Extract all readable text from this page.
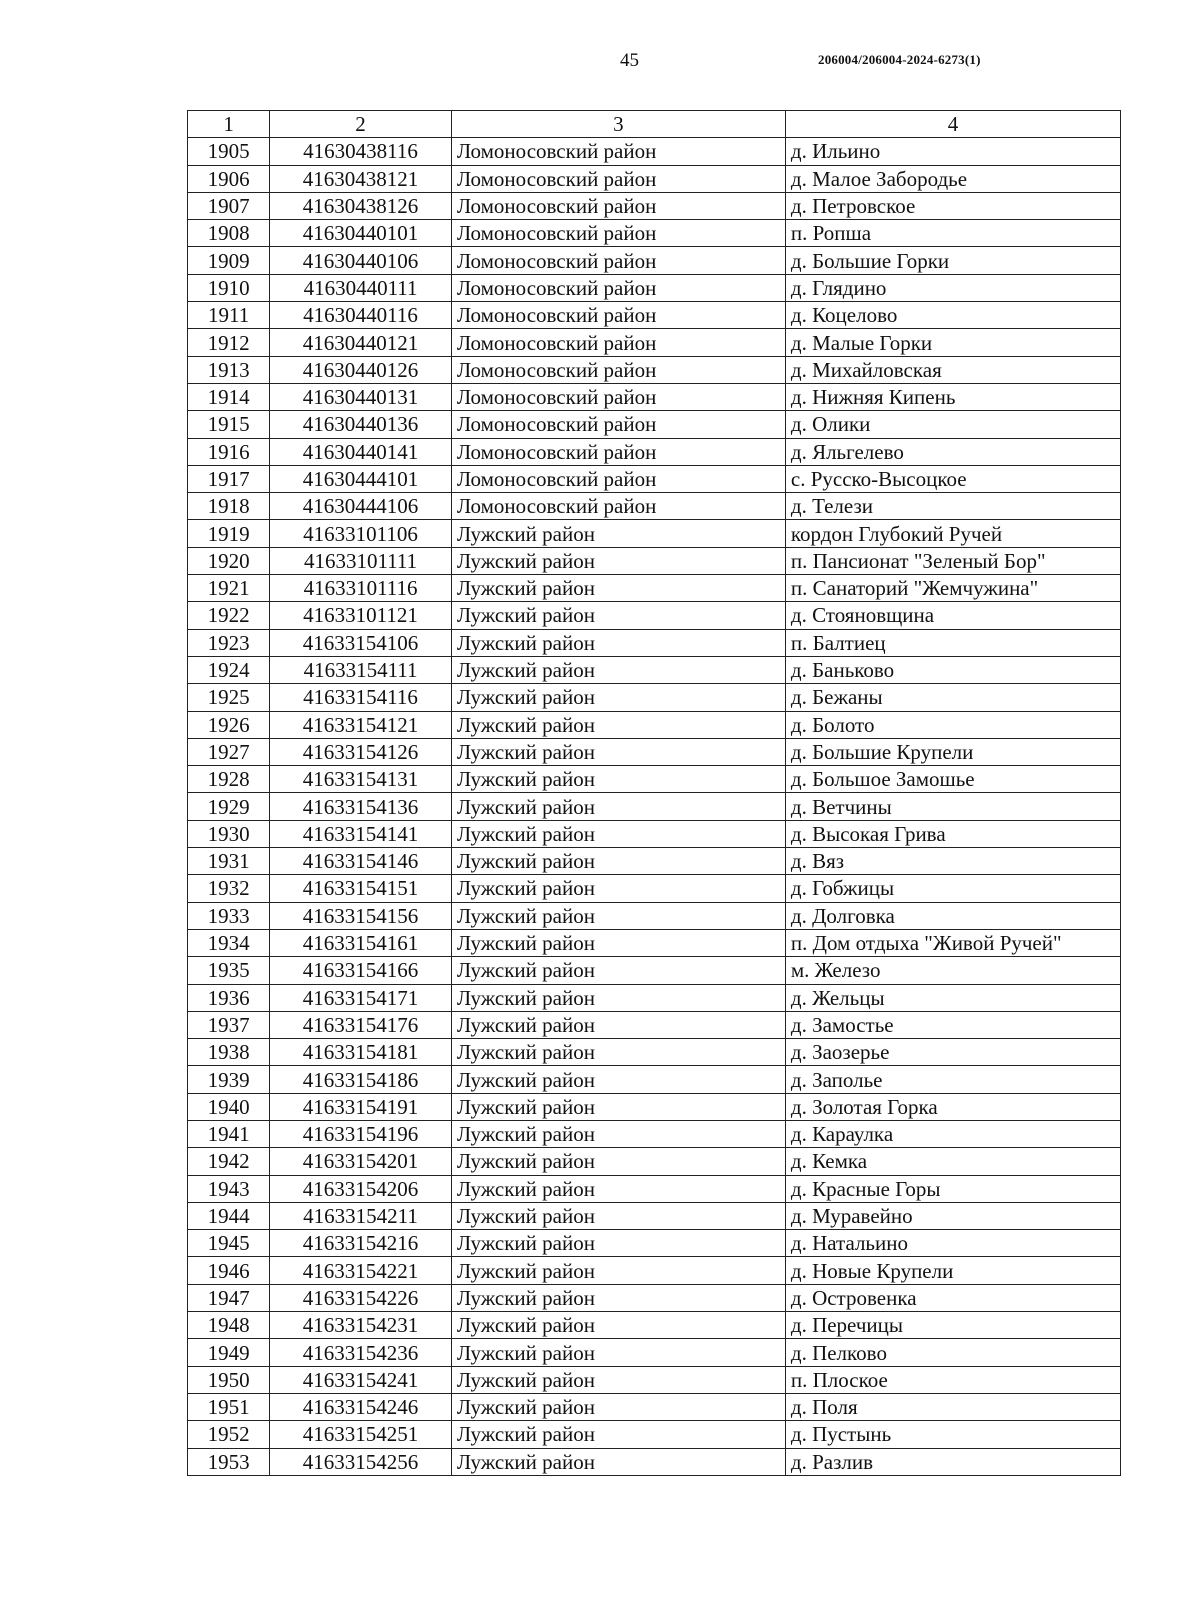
45	206004/206004-2024-6273(1)
1	2	3	4
1905	41630438116	Ломоносовский район	д. Ильино
1906	41630438121	Ломоносовский район	д. Малое Забородье
1907	41630438126	Ломоносовский район	д. Петровское
1908	41630440101	Ломоносовский район	п. Ропша
1909	41630440106	Ломоносовский район	д. Большие Горки
1910	41630440111	Ломоносовский район	д. Глядино
1911	41630440116	Ломоносовский район	д. Коцелово
1912	41630440121	Ломоносовский район	д. Малые Горки
1913	41630440126	Ломоносовский район	д. Михайловская
1914	41630440131	Ломоносовский район	д. Нижняя Кипень
1915	41630440136	Ломоносовский район	д. Олики
1916	41630440141	Ломоносовский район	д. Яльгелево
1917	41630444101	Ломоносовский район	с. Русско-Высоцкое
1918	41630444106	Ломоносовский район	д. Телези
1919	41633101106	Лужский район	кордон Глубокий Ручей
1920	41633101111	Лужский район	п. Пансионат "Зеленый Бор"
1921	41633101116	Лужский район	п. Санаторий "Жемчужина"
1922	41633101121	Лужский район	д. Стояновщина
1923	41633154106	Лужский район	п. Балтиец
1924	41633154111	Лужский район	д. Баньково
1925	41633154116	Лужский район	д. Бежаны
1926	41633154121	Лужский район	д. Болото
1927	41633154126	Лужский район	д. Большие Крупели
1928	41633154131	Лужский район	д. Большое Замошье
1929	41633154136	Лужский район	д. Ветчины
1930	41633154141	Лужский район	д. Высокая Грива
1931	41633154146	Лужский район	д. Вяз
1932	41633154151	Лужский район	д. Гобжицы
1933	41633154156	Лужский район	д. Долговка
1934	41633154161	Лужский район	п. Дом отдыха "Живой Ручей"
1935	41633154166	Лужский район	м. Железо
1936	41633154171	Лужский район	д. Жельцы
1937	41633154176	Лужский район	д. Замостье
1938	41633154181	Лужский район	д. Заозерье
1939	41633154186	Лужский район	д. Заполье
1940	41633154191	Лужский район	д. Золотая Горка
1941	41633154196	Лужский район	д. Караулка
1942	41633154201	Лужский район	д. Кемка
1943	41633154206	Лужский район	д. Красные Горы
1944	41633154211	Лужский район	д. Муравейно
1945	41633154216	Лужский район	д. Натальино
1946	41633154221	Лужский район	д. Новые Крупели
1947	41633154226	Лужский район	д. Островенка
1948	41633154231	Лужский район	д. Перечицы
1949	41633154236	Лужский район	д. Пелково
1950	41633154241	Лужский район	п. Плоское
1951	41633154246	Лужский район	д. Поля
1952	41633154251	Лужский район	д. Пустынь
1953	41633154256	Лужский район	д. Разлив
